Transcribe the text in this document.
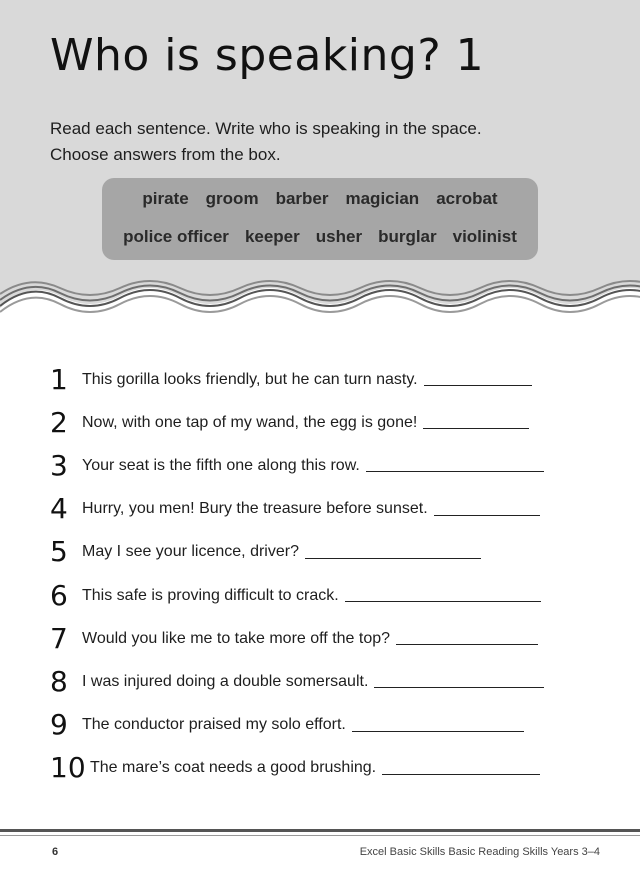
Who is speaking? 1
Read each sentence. Write who is speaking in the space.
Choose answers from the box.
pirate groom barber magician acrobat
police officer keeper usher burglar violinist
1 This gorilla looks friendly, but he can turn nasty.
2 Now, with one tap of my wand, the egg is gone!
3 Your seat is the fifth one along this row.
4 Hurry, you men! Bury the treasure before sunset.
5 May I see your licence, driver?
6 This safe is proving difficult to crack.
7 Would you like me to take more off the top?
8 I was injured doing a double somersault.
9 The conductor praised my solo effort.
10 The mare’s coat needs a good brushing.
6	Excel Basic Skills Basic Reading Skills Years 3–4
